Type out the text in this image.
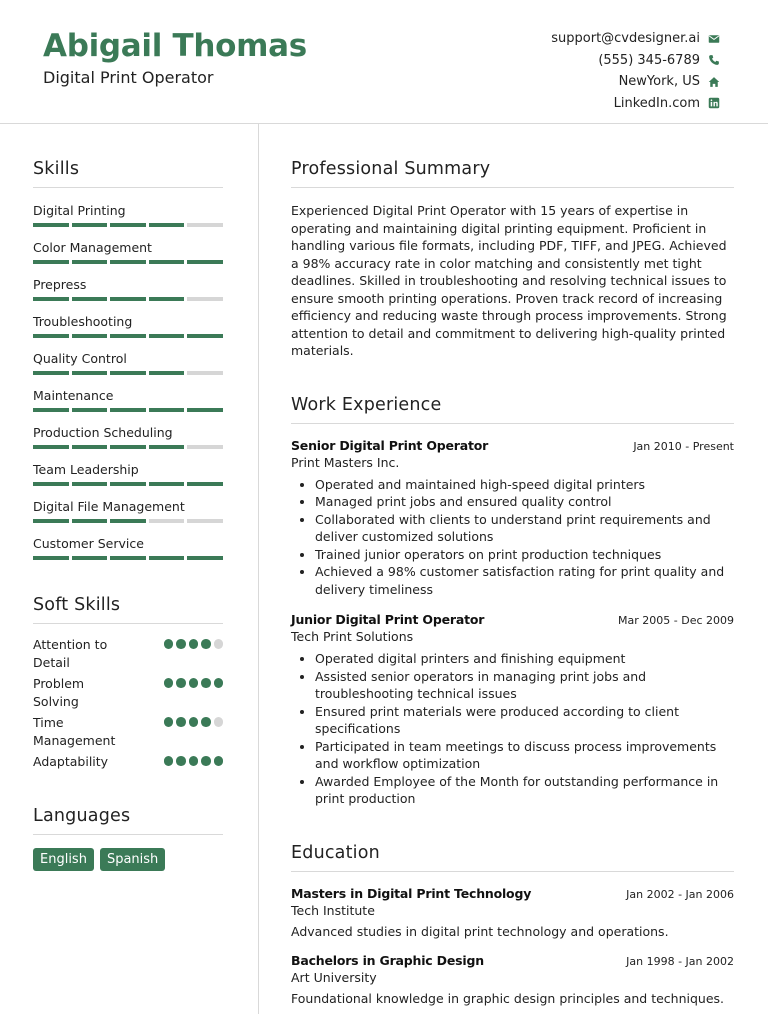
Abigail Thomas
Digital Print Operator
support@cvdesigner.ai
(555) 345-6789
NewYork, US
LinkedIn.com
Skills
Digital Printing
Color Management
Prepress
Troubleshooting
Quality Control
Maintenance
Production Scheduling
Team Leadership
Digital File Management
Customer Service
Soft Skills
Attention to Detail
Problem Solving
Time Management
Adaptability
Languages
English	Spanish
Professional Summary
Experienced Digital Print Operator with 15 years of expertise in operating and maintaining digital printing equipment. Proficient in handling various file formats, including PDF, TIFF, and JPEG. Achieved a 98% accuracy rate in color matching and consistently met tight deadlines. Skilled in troubleshooting and resolving technical issues to ensure smooth printing operations. Proven track record of increasing efficiency and reducing waste through process improvements. Strong attention to detail and commitment to delivering high-quality printed materials.
Work Experience
Senior Digital Print Operator	Jan 2010 - Present
Print Masters Inc.
• Operated and maintained high-speed digital printers
• Managed print jobs and ensured quality control
• Collaborated with clients to understand print requirements and deliver customized solutions
• Trained junior operators on print production techniques
• Achieved a 98% customer satisfaction rating for print quality and delivery timeliness
Junior Digital Print Operator	Mar 2005 - Dec 2009
Tech Print Solutions
• Operated digital printers and finishing equipment
• Assisted senior operators in managing print jobs and troubleshooting technical issues
• Ensured print materials were produced according to client specifications
• Participated in team meetings to discuss process improvements and workflow optimization
• Awarded Employee of the Month for outstanding performance in print production
Education
Masters in Digital Print Technology	Jan 2002 - Jan 2006
Tech Institute
Advanced studies in digital print technology and operations.
Bachelors in Graphic Design	Jan 1998 - Jan 2002
Art University
Foundational knowledge in graphic design principles and techniques.
